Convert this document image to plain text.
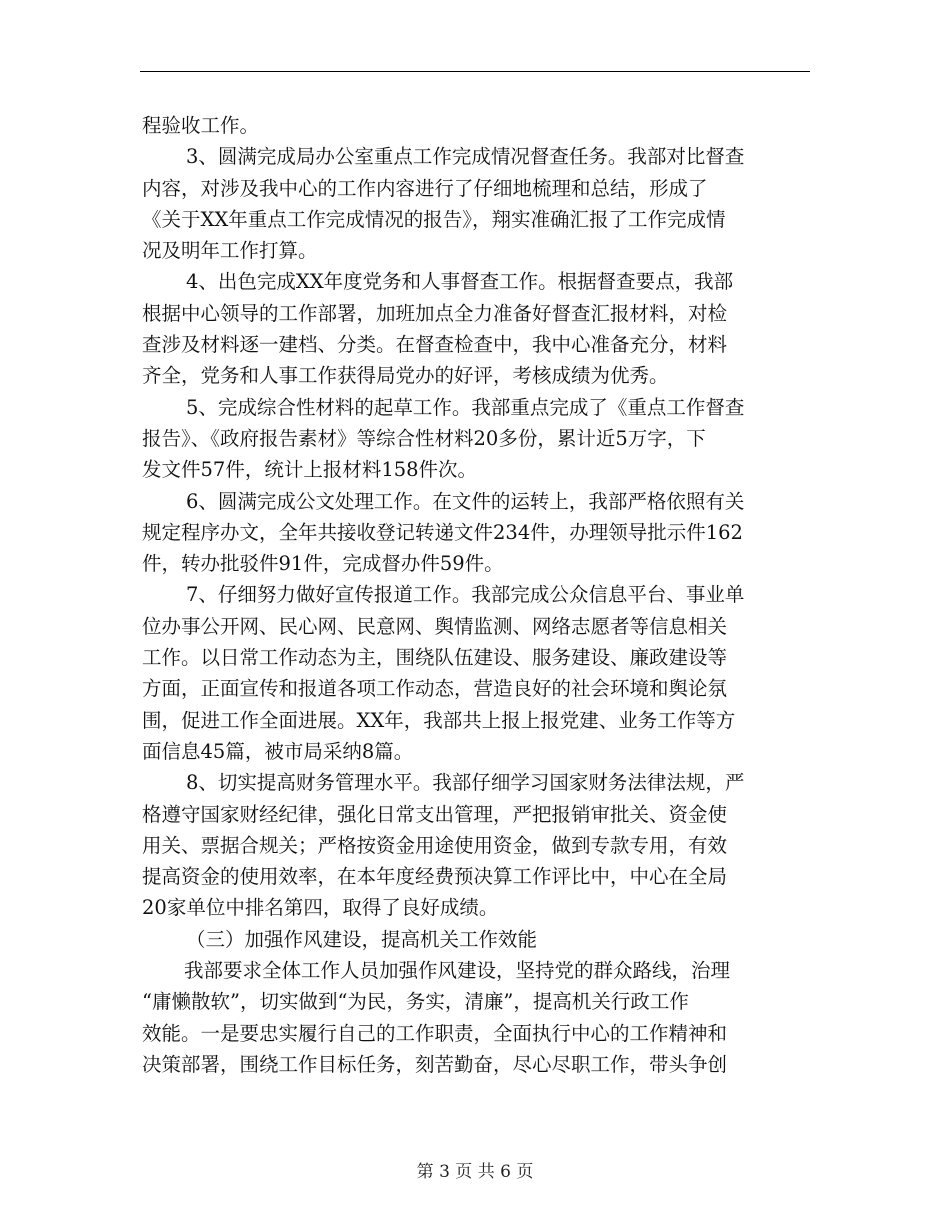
程验收工作。
3、圆满完成局办公室重点工作完成情况督查任务。我部对比督查
内容，对涉及我中心的工作内容进行了仔细地梳理和总结，形成了
《关于XX年重点工作完成情况的报告》，翔实准确汇报了工作完成情
况及明年工作打算。
4、出色完成XX年度党务和人事督查工作。根据督查要点，我部
根据中心领导的工作部署，加班加点全力准备好督查汇报材料，对检
查涉及材料逐一建档、分类。在督查检查中，我中心准备充分，材料
齐全，党务和人事工作获得局党办的好评，考核成绩为优秀。
5、完成综合性材料的起草工作。我部重点完成了《重点工作督查
报告》、《政府报告素材》等综合性材料20多份，累计近5万字，下
发文件57件，统计上报材料158件次。
6、圆满完成公文处理工作。在文件的运转上，我部严格依照有关
规定程序办文，全年共接收登记转递文件234件，办理领导批示件162
件，转办批驳件91件，完成督办件59件。
7、仔细努力做好宣传报道工作。我部完成公众信息平台、事业单
位办事公开网、民心网、民意网、舆情监测、网络志愿者等信息相关
工作。以日常工作动态为主，围绕队伍建设、服务建设、廉政建设等
方面，正面宣传和报道各项工作动态，营造良好的社会环境和舆论氛
围，促进工作全面进展。XX年，我部共上报上报党建、业务工作等方
面信息45篇，被市局采纳8篇。
8、切实提高财务管理水平。我部仔细学习国家财务法律法规，严
格遵守国家财经纪律，强化日常支出管理，严把报销审批关、资金使
用关、票据合规关；严格按资金用途使用资金，做到专款专用，有效
提高资金的使用效率，在本年度经费预决算工作评比中，中心在全局
20家单位中排名第四，取得了良好成绩。
（三）加强作风建设，提高机关工作效能
我部要求全体工作人员加强作风建设，坚持党的群众路线，治理
“庸懒散软”，切实做到“为民，务实，清廉”，提高机关行政工作
效能。一是要忠实履行自己的工作职责，全面执行中心的工作精神和
决策部署，围绕工作目标任务，刻苦勤奋，尽心尽职工作，带头争创
第 3 页 共 6 页
